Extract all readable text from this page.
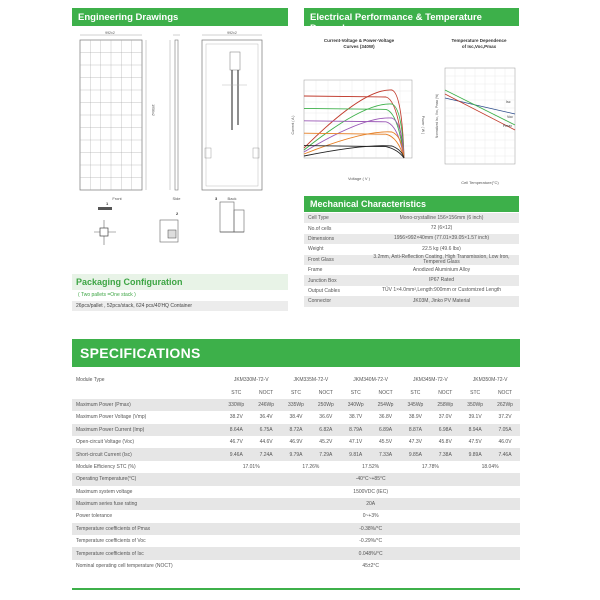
Engineering Drawings	Electrical Performance & Temperature Dependence
992±2
1956±2
Front	Side
992±2
Back
1
2
3
Packaging Configuration
( Two pallets =One stack )
26pcs/pallet , 52pcs/stack, 624 pcs/40'HQ Container
Current-Voltage & Power-Voltage
Curves (340W)
Voltage ( V )
Current ( A )	Power ( W )
Temperature Dependence
of Isc,Voc,Pmax
Isc
Voc
Pmax
Cell Temperature(°C)
Normalized Isc, Voc, Pmax (%)
Mechanical Characteristics
Cell Type	Mono-crystalline 156×156mm (6 inch)
No.of cells	72 (6×12)
Dimensions	1956×992×40mm (77.01×39.05×1.57 inch)
Weight	22.5 kg (49.6 lbs)
Front Glass	3.2mm, Anti-Reflection Coating, High Transmission, Low Iron, Tempered Glass
Frame	Anodized Aluminium Alloy
Junction Box	IP67 Rated
Output Cables	TÜV 1×4.0mm²,Length:900mm or Customized Length
Connector	JK03M, Jinko PV Material
SPECIFICATIONS
Module Type	JKM330M-72-V		JKM335M-72-V		JKM340M-72-V		JKM345M-72-V		JKM350M-72-V	
	STC	NOCT	STC	NOCT	STC	NOCT	STC	NOCT	STC	NOCT
Maximum Power (Pmax)	330Wp	246Wp	335Wp	250Wp	340Wp	254Wp	345Wp	258Wp	350Wp	262Wp
Maximum Power Voltage (Vmp)	38.2V	36.4V	38.4V	36.6V	38.7V	36.8V	38.9V	37.0V	39.1V	37.2V
Maximum Power Current (Imp)	8.64A	6.75A	8.72A	6.82A	8.79A	6.89A	8.87A	6.98A	8.94A	7.05A
Open-circuit Voltage (Voc)	46.7V	44.6V	46.9V	45.2V	47.1V	45.5V	47.3V	45.8V	47.5V	46.0V
Short-circuit Current (Isc)	9.46A	7.24A	9.79A	7.29A	9.81A	7.33A	9.85A	7.38A	9.89A	7.46A
Module Efficiency STC (%)	17.01%		17.26%		17.52%		17.78%		18.04%	
Operating Temperature(°C)	-40°C~+85°C									
Maximum system voltage	1500VDC (IEC)									
Maximum series fuse rating	20A									
Power tolerance	0~+3%									
Temperature coefficients of Pmax	-0.38%/°C									
Temperature coefficients of Voc	-0.29%/°C									
Temperature coefficients of Isc	0.048%/°C									
Nominal operating cell temperature (NOCT)	45±2°C									
